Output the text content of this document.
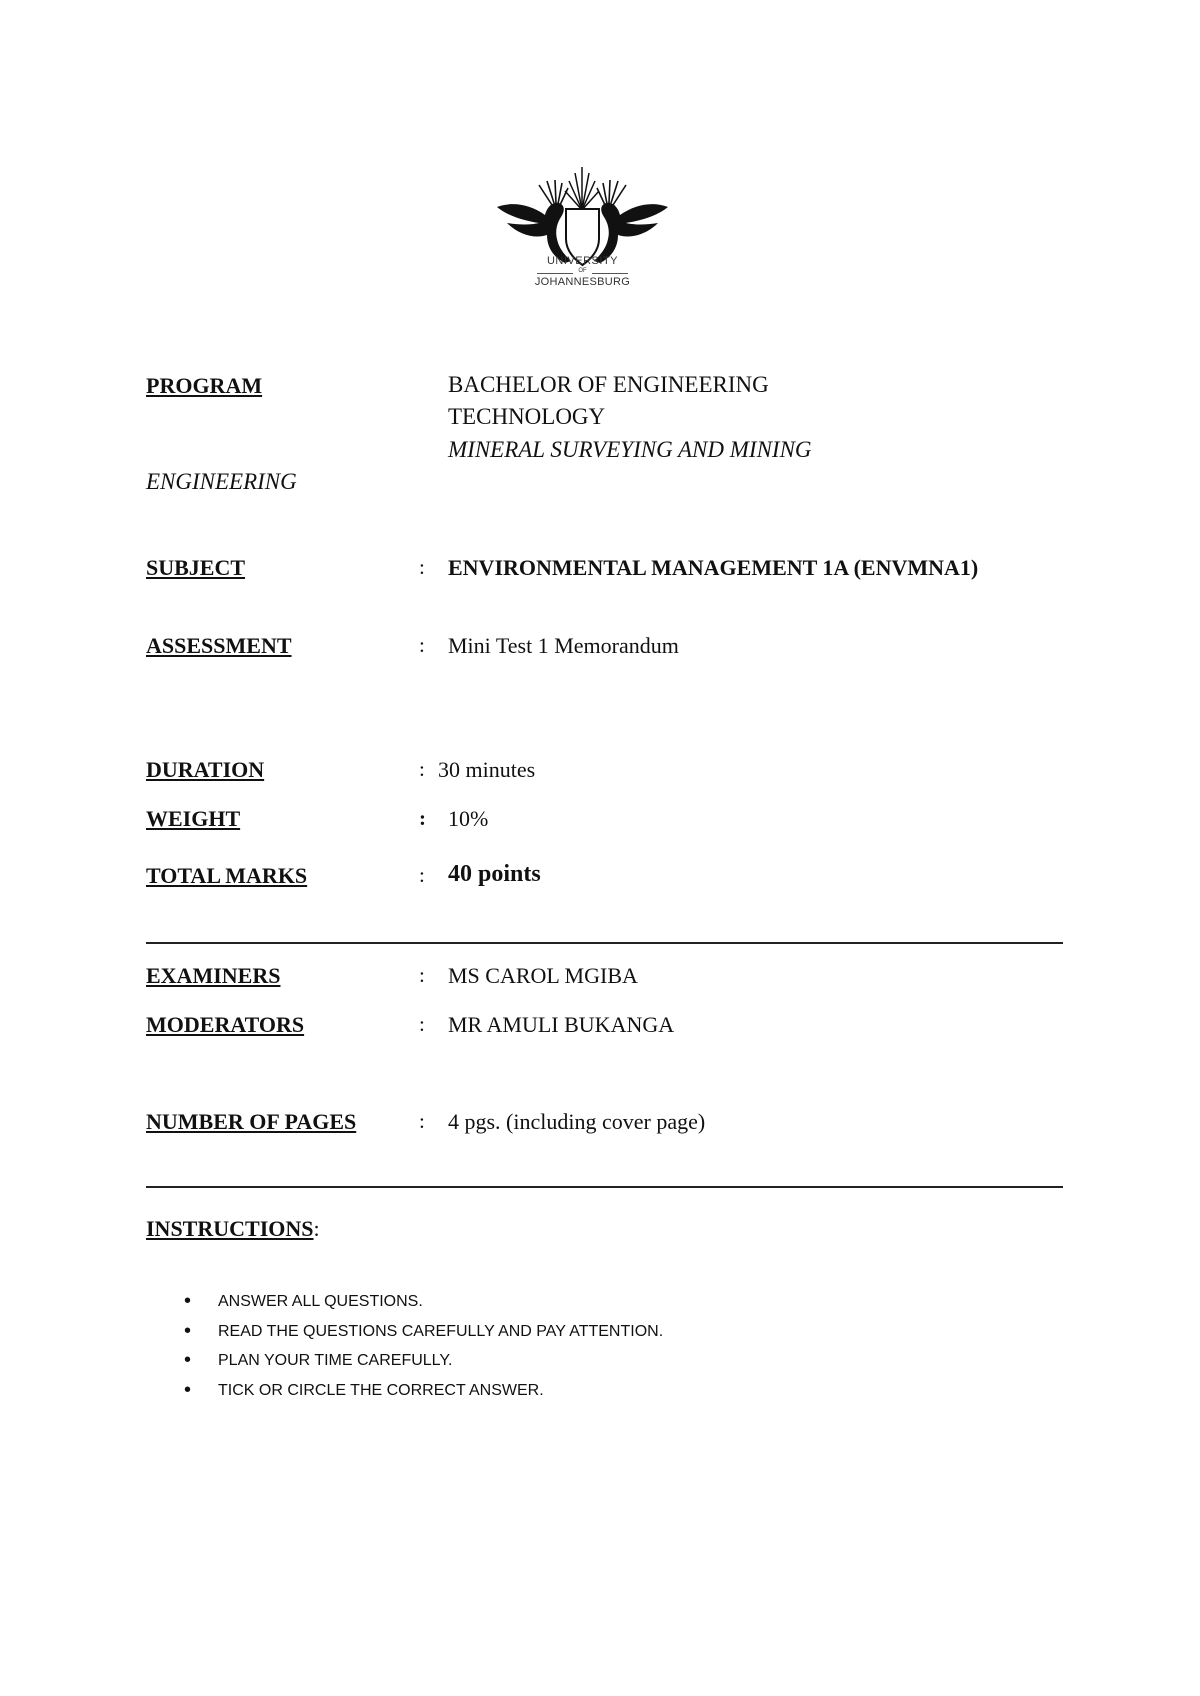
UNIVERSITY
OF
JOHANNESBURG
PROGRAM	BACHELOR OF ENGINEERING
TECHNOLOGY
MINERAL SURVEYING AND MINING
ENGINEERING
SUBJECT	: ENVIRONMENTAL MANAGEMENT 1A (ENVMNA1)
ASSESSMENT	: Mini Test 1 Memorandum
DURATION	: 30 minutes
WEIGHT	: 10%
TOTAL MARKS	: 40 points
EXAMINERS	: MS CAROL MGIBA
MODERATORS	: MR AMULI BUKANGA
NUMBER OF PAGES	: 4 pgs. (including cover page)
INSTRUCTIONS:
• ANSWER ALL QUESTIONS.
• READ THE QUESTIONS CAREFULLY AND PAY ATTENTION.
• PLAN YOUR TIME CAREFULLY.
• TICK OR CIRCLE THE CORRECT ANSWER.
